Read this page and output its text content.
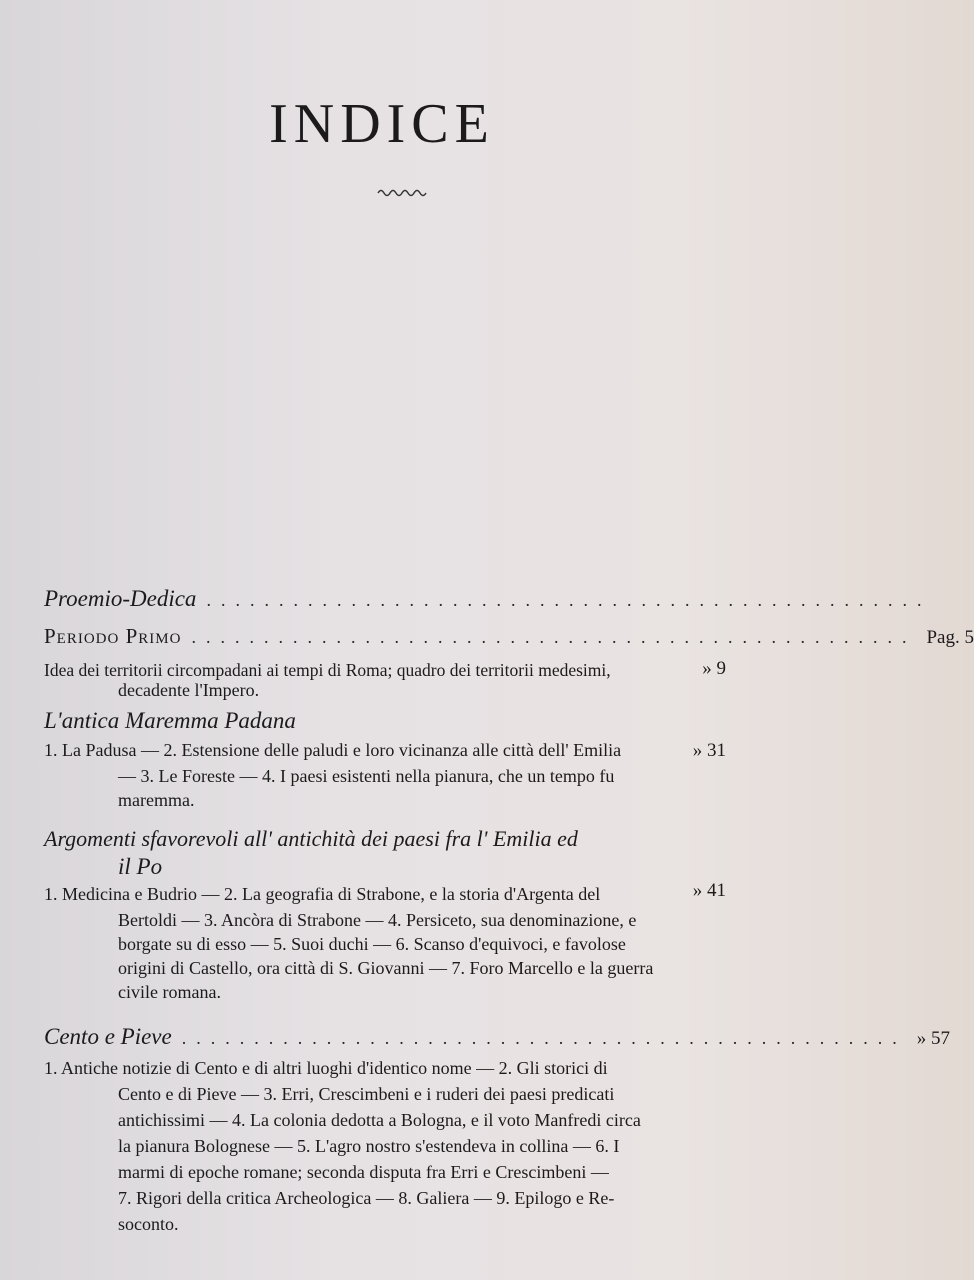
INDICE
Proemio-Dedica ..................................................
Periodo Primo .................................................. Pag. 5
Idea dei territorii circompadani ai tempi di Roma; quadro dei territorii medesimi,	» 9
decadente l'Impero.
L'antica Maremma Padana
1. La Padusa — 2. Estensione delle paludi e loro vicinanza alle città dell' Emilia	» 31
— 3. Le Foreste — 4. I paesi esistenti nella pianura, che un tempo fu
maremma.
Argomenti sfavorevoli all' antichità dei paesi fra l' Emilia ed
il Po
1. Medicina e Budrio — 2. La geografia di Strabone, e la storia d'Argenta del	» 41
Bertoldi — 3. Ancòra di Strabone — 4. Persiceto, sua denominazione, e
borgate su di esso — 5. Suoi duchi — 6. Scanso d'equivoci, e favolose
origini di Castello, ora città di S. Giovanni — 7. Foro Marcello e la guerra
civile romana.
Cento e Pieve .................................................. » 57
1. Antiche notizie di Cento e di altri luoghi d'identico nome — 2. Gli storici di
Cento e di Pieve — 3. Erri, Crescimbeni e i ruderi dei paesi predicati
antichissimi — 4. La colonia dedotta a Bologna, e il voto Manfredi circa
la pianura Bolognese — 5. L'agro nostro s'estendeva in collina — 6. I
marmi di epoche romane; seconda disputa fra Erri e Crescimbeni —
7. Rigori della critica Archeologica — 8. Galiera — 9. Epilogo e Re-
soconto.
